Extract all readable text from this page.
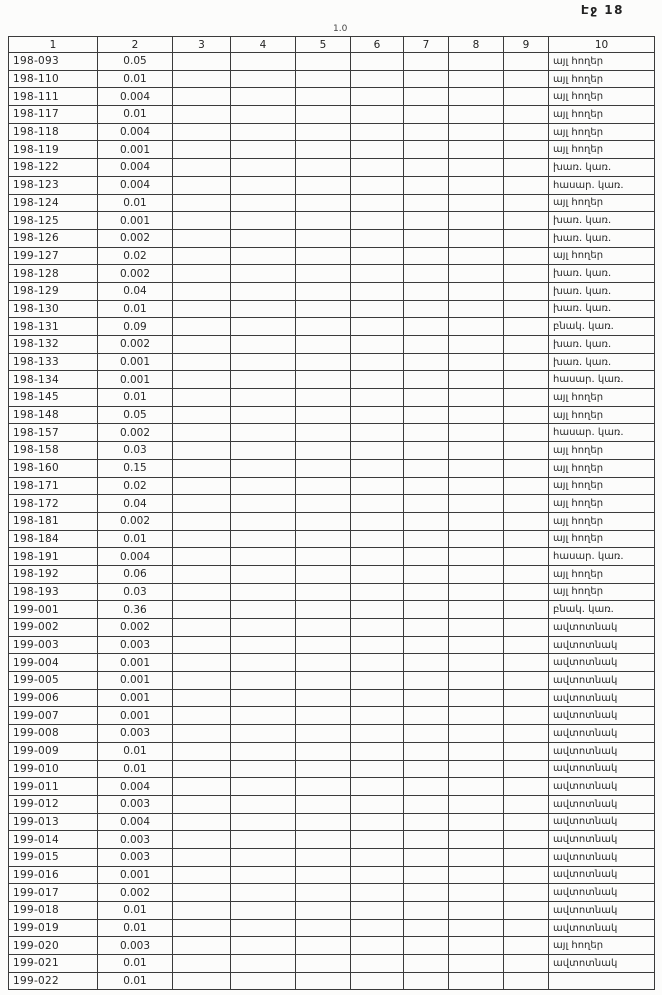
Էջ 18
1.0
1	2	3	4	5	6	7	8	9	10
198-093	0.05								այլ հողեր
198-110	0.01								այլ հողեր
198-111	0.004								այլ հողեր
198-117	0.01								այլ հողեր
198-118	0.004								այլ հողեր
198-119	0.001								այլ հողեր
198-122	0.004								խառ. կառ.
198-123	0.004								հասար. կառ.
198-124	0.01								այլ հողեր
198-125	0.001								խառ. կառ.
198-126	0.002								խառ. կառ.
199-127	0.02								այլ հողեր
198-128	0.002								խառ. կառ.
198-129	0.04								խառ. կառ.
198-130	0.01								խառ. կառ.
198-131	0.09								բնակ. կառ.
198-132	0.002								խառ. կառ.
198-133	0.001								խառ. կառ.
198-134	0.001								հասար. կառ.
198-145	0.01								այլ հողեր
198-148	0.05								այլ հողեր
198-157	0.002								հասար. կառ.
198-158	0.03								այլ հողեր
198-160	0.15								այլ հողեր
198-171	0.02								այլ հողեր
198-172	0.04								այլ հողեր
198-181	0.002								այլ հողեր
198-184	0.01								այլ հողեր
198-191	0.004								հասար. կառ.
198-192	0.06								այլ հողեր
198-193	0.03								այլ հողեր
199-001	0.36								բնակ. կառ.
199-002	0.002								ավտոտնակ
199-003	0.003								ավտոտնակ
199-004	0.001								ավտոտնակ
199-005	0.001								ավտոտնակ
199-006	0.001								ավտոտնակ
199-007	0.001								ավտոտնակ
199-008	0.003								ավտոտնակ
199-009	0.01								ավտոտնակ
199-010	0.01								ավտոտնակ
199-011	0.004								ավտոտնակ
199-012	0.003								ավտոտնակ
199-013	0.004								ավտոտնակ
199-014	0.003								ավտոտնակ
199-015	0.003								ավտոտնակ
199-016	0.001								ավտոտնակ
199-017	0.002								ավտոտնակ
199-018	0.01								ավտոտնակ
199-019	0.01								ավտոտնակ
199-020	0.003								այլ հողեր
199-021	0.01								ավտոտնակ
199-022	0.01								
